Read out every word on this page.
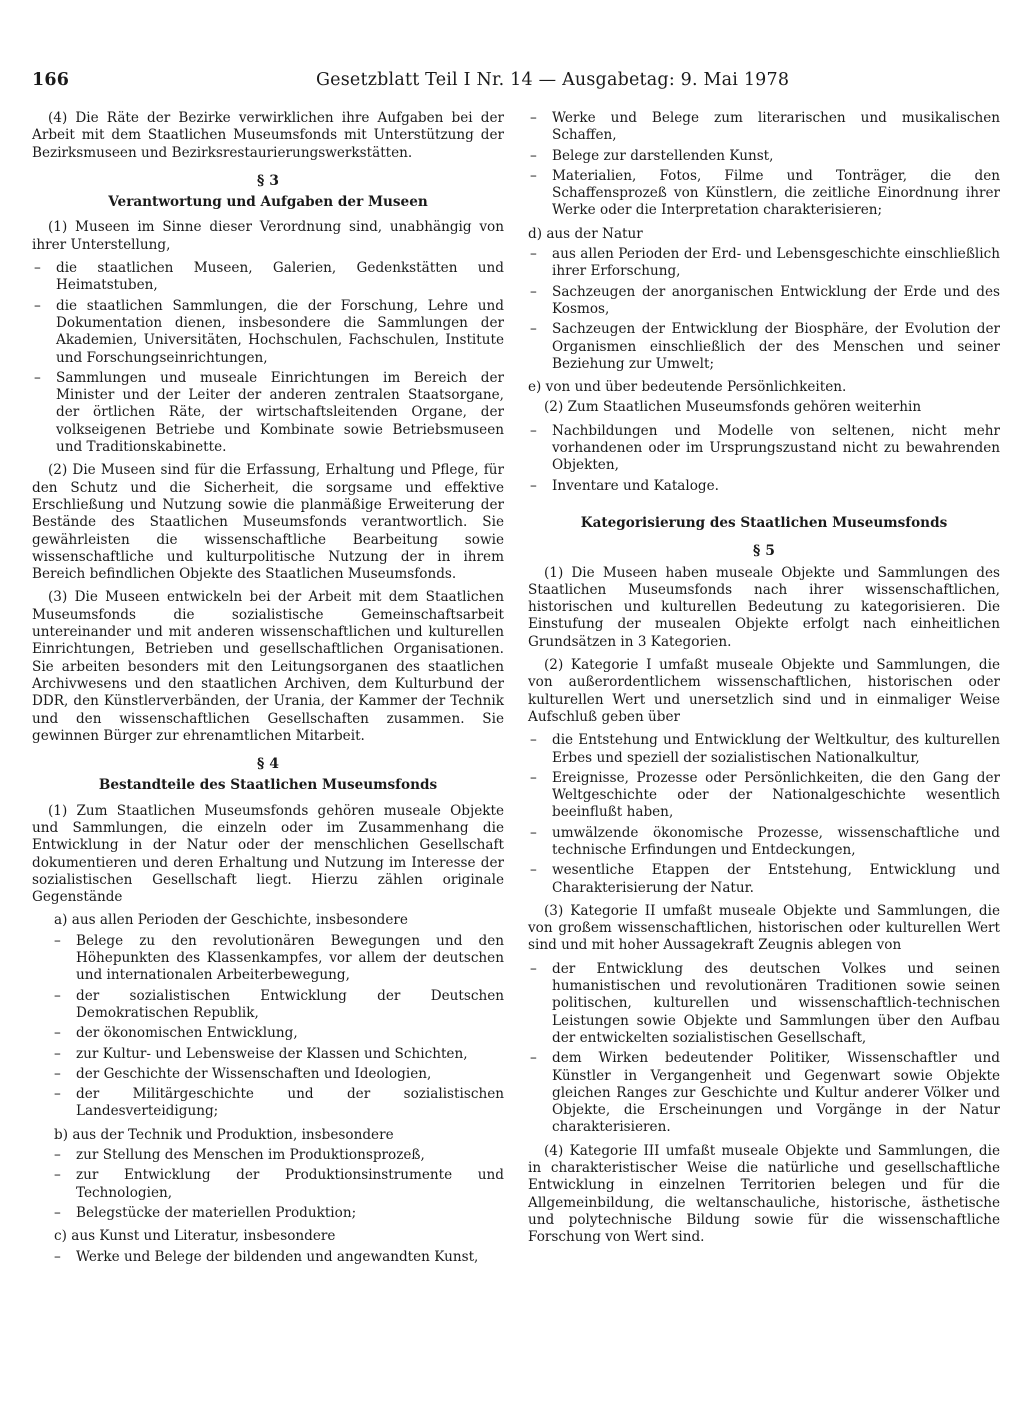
166	Gesetzblatt Teil I Nr. 14 — Ausgabetag: 9. Mai 1978

(4) Die Räte der Bezirke verwirklichen ihre Aufgaben bei der Arbeit mit dem Staatlichen Museumsfonds mit Unterstützung der Bezirksmuseen und Bezirksrestaurierungswerkstätten.

§ 3
Verantwortung und Aufgaben der Museen

(1) Museen im Sinne dieser Verordnung sind, unabhängig von ihrer Unterstellung,

– die staatlichen Museen, Galerien, Gedenkstätten und Heimatstuben,
– die staatlichen Sammlungen, die der Forschung, Lehre und Dokumentation dienen, insbesondere die Sammlungen der Akademien, Universitäten, Hochschulen, Fachschulen, Institute und Forschungseinrichtungen,
– Sammlungen und museale Einrichtungen im Bereich der Minister und der Leiter der anderen zentralen Staatsorgane, der örtlichen Räte, der wirtschaftsleitenden Organe, der volkseigenen Betriebe und Kombinate sowie Betriebsmuseen und Traditionskabinette.

(2) Die Museen sind für die Erfassung, Erhaltung und Pflege, für den Schutz und die Sicherheit, die sorgsame und effektive Erschließung und Nutzung sowie die planmäßige Erweiterung der Bestände des Staatlichen Museumsfonds verantwortlich. Sie gewährleisten die wissenschaftliche Bearbeitung sowie wissenschaftliche und kulturpolitische Nutzung der in ihrem Bereich befindlichen Objekte des Staatlichen Museumsfonds.

(3) Die Museen entwickeln bei der Arbeit mit dem Staatlichen Museumsfonds die sozialistische Gemeinschaftsarbeit untereinander und mit anderen wissenschaftlichen und kulturellen Einrichtungen, Betrieben und gesellschaftlichen Organisationen. Sie arbeiten besonders mit den Leitungsorganen des staatlichen Archivwesens und den staatlichen Archiven, dem Kulturbund der DDR, den Künstlerverbänden, der Urania, der Kammer der Technik und den wissenschaftlichen Gesellschaften zusammen. Sie gewinnen Bürger zur ehrenamtlichen Mitarbeit.

§ 4
Bestandteile des Staatlichen Museumsfonds

(1) Zum Staatlichen Museumsfonds gehören museale Objekte und Sammlungen, die einzeln oder im Zusammenhang die Entwicklung in der Natur oder der menschlichen Gesellschaft dokumentieren und deren Erhaltung und Nutzung im Interesse der sozialistischen Gesellschaft liegt. Hierzu zählen originale Gegenstände

a) aus allen Perioden der Geschichte, insbesondere

– Belege zu den revolutionären Bewegungen und den Höhepunkten des Klassenkampfes, vor allem der deutschen und internationalen Arbeiterbewegung,
– der sozialistischen Entwicklung der Deutschen Demokratischen Republik,
– der ökonomischen Entwicklung,
– zur Kultur- und Lebensweise der Klassen und Schichten,
– der Geschichte der Wissenschaften und Ideologien,
– der Militärgeschichte und der sozialistischen Landesverteidigung;

b) aus der Technik und Produktion, insbesondere

– zur Stellung des Menschen im Produktionsprozeß,
– zur Entwicklung der Produktionsinstrumente und Technologien,
– Belegstücke der materiellen Produktion;

c) aus Kunst und Literatur, insbesondere

– Werke und Belege der bildenden und angewandten Kunst,
– Werke und Belege zum literarischen und musikalischen Schaffen,
– Belege zur darstellenden Kunst,
– Materialien, Fotos, Filme und Tonträger, die den Schaffensprozeß von Künstlern, die zeitliche Einordnung ihrer Werke oder die Interpretation charakterisieren;

d) aus der Natur

– aus allen Perioden der Erd- und Lebensgeschichte einschließlich ihrer Erforschung,
– Sachzeugen der anorganischen Entwicklung der Erde und des Kosmos,
– Sachzeugen der Entwicklung der Biosphäre, der Evolution der Organismen einschließlich der des Menschen und seiner Beziehung zur Umwelt;

e) von und über bedeutende Persönlichkeiten.

(2) Zum Staatlichen Museumsfonds gehören weiterhin

– Nachbildungen und Modelle von seltenen, nicht mehr vorhandenen oder im Ursprungszustand nicht zu bewahrenden Objekten,
– Inventare und Kataloge.
Kategorisierung des Staatlichen Museumsfonds
§ 5

(1) Die Museen haben museale Objekte und Sammlungen des Staatlichen Museumsfonds nach ihrer wissenschaftlichen, historischen und kulturellen Bedeutung zu kategorisieren. Die Einstufung der musealen Objekte erfolgt nach einheitlichen Grundsätzen in 3 Kategorien.

(2) Kategorie I umfaßt museale Objekte und Sammlungen, die von außerordentlichem wissenschaftlichen, historischen oder kulturellen Wert und unersetzlich sind und in einmaliger Weise Aufschluß geben über

– die Entstehung und Entwicklung der Weltkultur, des kulturellen Erbes und speziell der sozialistischen Nationalkultur,
– Ereignisse, Prozesse oder Persönlichkeiten, die den Gang der Weltgeschichte oder der Nationalgeschichte wesentlich beeinflußt haben,
– umwälzende ökonomische Prozesse, wissenschaftliche und technische Erfindungen und Entdeckungen,
– wesentliche Etappen der Entstehung, Entwicklung und Charakterisierung der Natur.

(3) Kategorie II umfaßt museale Objekte und Sammlungen, die von großem wissenschaftlichen, historischen oder kulturellen Wert sind und mit hoher Aussagekraft Zeugnis ablegen von

– der Entwicklung des deutschen Volkes und seinen humanistischen und revolutionären Traditionen sowie seinen politischen, kulturellen und wissenschaftlich-technischen Leistungen sowie Objekte und Sammlungen über den Aufbau der entwickelten sozialistischen Gesellschaft,
– dem Wirken bedeutender Politiker, Wissenschaftler und Künstler in Vergangenheit und Gegenwart sowie Objekte gleichen Ranges zur Geschichte und Kultur anderer Völker und Objekte, die Erscheinungen und Vorgänge in der Natur charakterisieren.

(4) Kategorie III umfaßt museale Objekte und Sammlungen, die in charakteristischer Weise die natürliche und gesellschaftliche Entwicklung in einzelnen Territorien belegen und für die Allgemeinbildung, die weltanschauliche, historische, ästhetische und polytechnische Bildung sowie für die wissenschaftliche Forschung von Wert sind.
